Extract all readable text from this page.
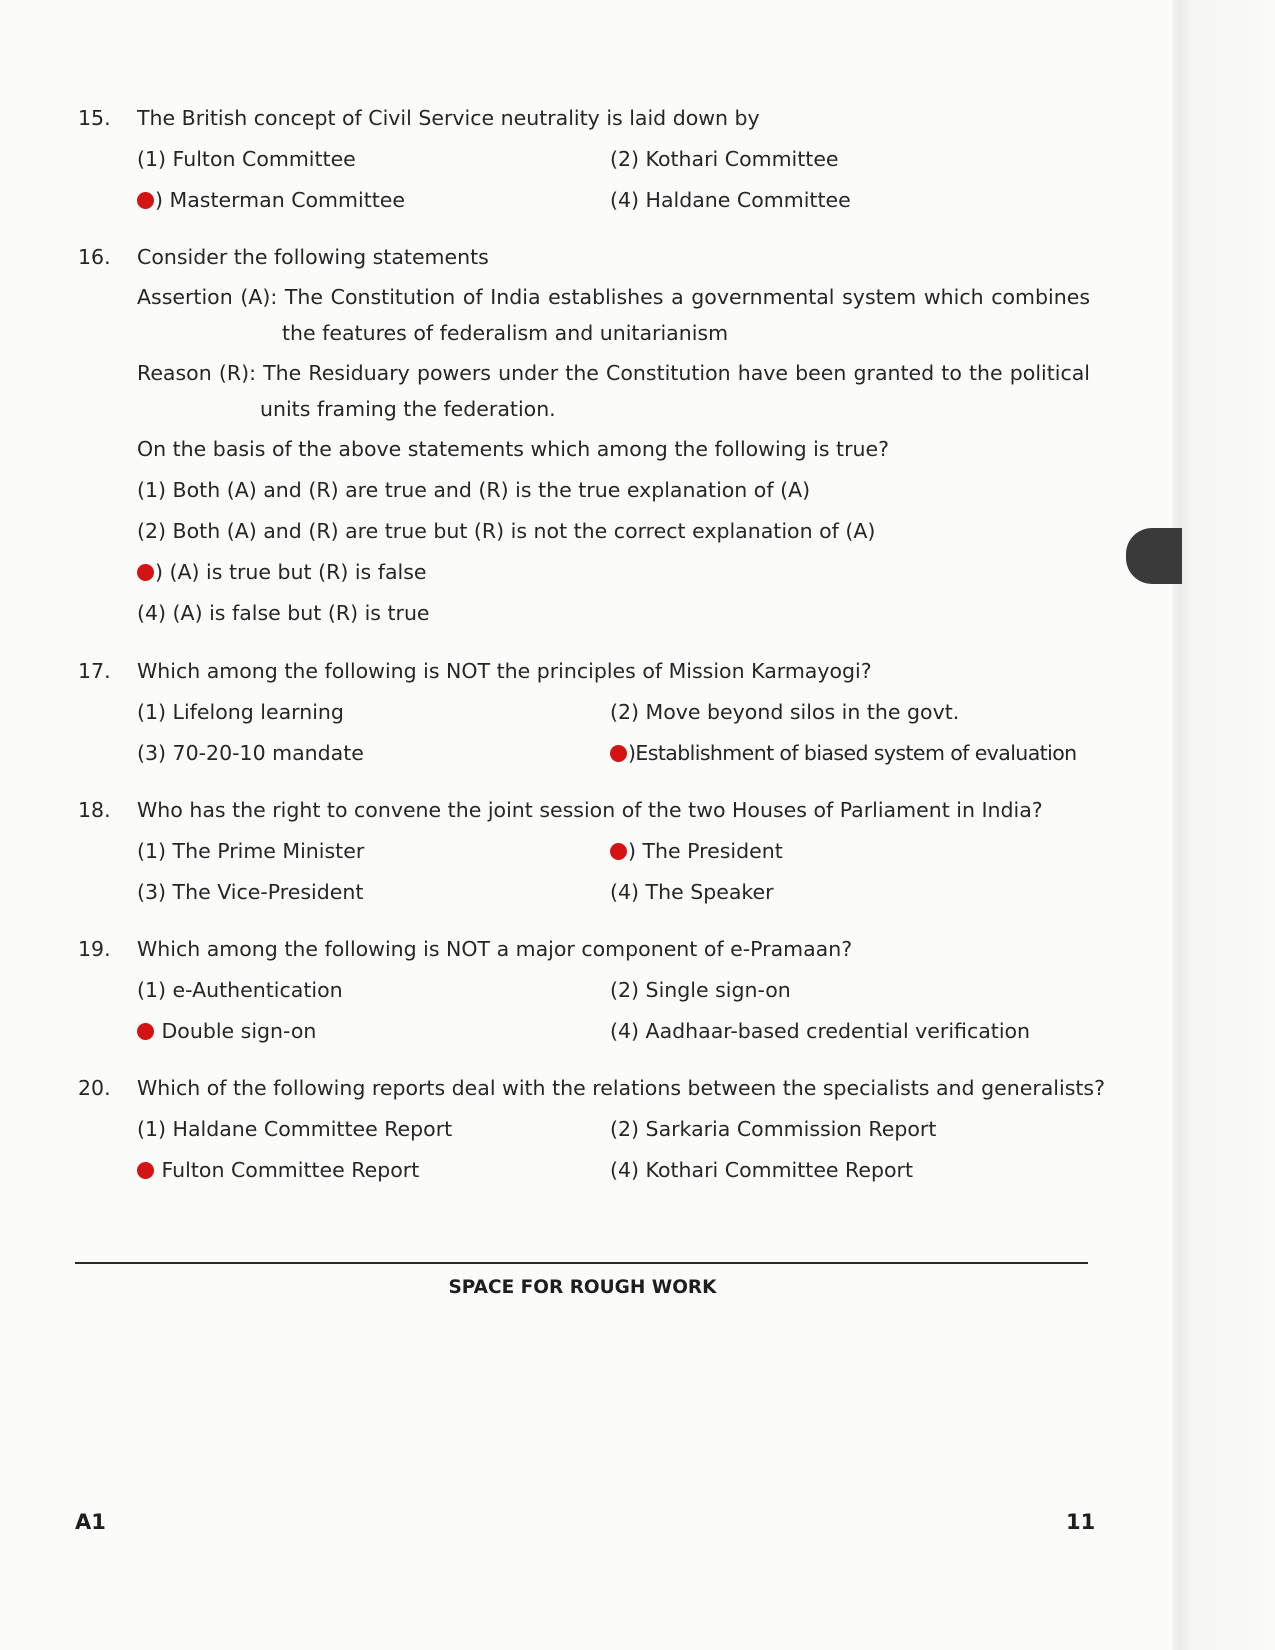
15. The British concept of Civil Service neutrality is laid down by
(1) Fulton Committee	(2) Kothari Committee
) Masterman Committee	(4) Haldane Committee
16. Consider the following statements
Assertion (A): The Constitution of India establishes a governmental system which combines
the features of federalism and unitarianism
Reason (R): The Residuary powers under the Constitution have been granted to the political
units framing the federation.
On the basis of the above statements which among the following is true?
(1) Both (A) and (R) are true and (R) is the true explanation of (A)
(2) Both (A) and (R) are true but (R) is not the correct explanation of (A)
) (A) is true but (R) is false
(4) (A) is false but (R) is true
17. Which among the following is NOT the principles of Mission Karmayogi?
(1) Lifelong learning	(2) Move beyond silos in the govt.
(3) 70-20-10 mandate	)Establishment of biased system of evaluation
18. Who has the right to convene the joint session of the two Houses of Parliament in India?
(1) The Prime Minister	) The President
(3) The Vice-President	(4) The Speaker
19. Which among the following is NOT a major component of e-Pramaan?
(1) e-Authentication	(2) Single sign-on
Double sign-on	(4) Aadhaar-based credential verification
20. Which of the following reports deal with the relations between the specialists and generalists?
(1) Haldane Committee Report	(2) Sarkaria Commission Report
Fulton Committee Report	(4) Kothari Committee Report
SPACE FOR ROUGH WORK
A1	11
